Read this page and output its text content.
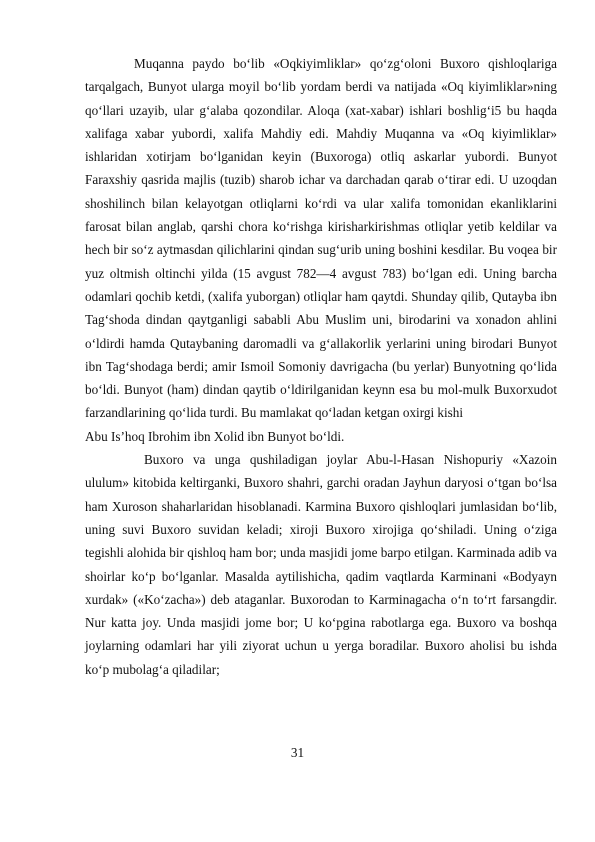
Muqanna paydo bo‘lib «Oqkiyimliklar» qo‘zg‘oloni Buxoro qishloqlariga tarqalgach, Bunyot ularga moyil bo‘lib yordam berdi va natijada «Oq kiyimliklar»ning qo‘llari uzayib, ular g‘alaba qozondilar. Aloqa (xat-xabar) ishlari boshlig‘i5 bu haqda xalifaga xabar yubordi, xalifa Mahdiy edi. Mahdiy Muqanna va «Oq kiyimliklar» ishlaridan xotirjam bo‘lganidan keyin (Buxoroga) otliq askarlar yubordi. Bunyot Faraxshiy qasrida majlis (tuzib) sharob ichar va darchadan qarab o‘tirar edi. U uzoqdan shoshilinch bilan kelayotgan otliqlarni ko‘rdi va ular xalifa tomonidan ekanliklarini farosat bilan anglab, qarshi chora ko‘rishga kirisharkirishmas otliqlar yetib keldilar va hech bir so‘z aytmasdan qilichlarini qindan sug‘urib uning boshini kesdilar. Bu voqea bir yuz oltmish oltinchi yilda (15 avgust 782—4 avgust 783) bo‘lgan edi. Uning barcha odamlari qochib ketdi, (xalifa yuborgan) otliqlar ham qaytdi. Shunday qilib, Qutayba ibn Tag‘shoda dindan qaytganligi sababli Abu Muslim uni, birodarini va xonadon ahlini o‘ldirdi hamda Qutaybaning daromadli va g‘allakorlik yerlarini uning birodari Bunyot ibn Tag‘shodaga berdi; amir Ismoil Somoniy davrigacha (bu yerlar) Bunyotning qo‘lida bo‘ldi. Bunyot (ham) dindan qaytib o‘ldirilganidan keynn esa bu mol-mulk Buxorxudot farzandlarining qo‘lida turdi. Bu mamlakat qo‘ladan ketgan oxirgi kishi

Abu Is’hoq Ibrohim ibn Xolid ibn Bunyot bo‘ldi.

Buxoro va unga qushiladigan joylar Abu-l-Hasan Nishopuriy «Xazoin ululum» kitobida keltirganki, Buxoro shahri, garchi oradan Jayhun daryosi o‘tgan bo‘lsa ham Xuroson shaharlaridan hisoblanadi. Karmina Buxoro qishloqlari jumlasidan bo‘lib, uning suvi Buxoro suvidan keladi; xiroji Buxoro xirojiga qo‘shiladi. Uning o‘ziga tegishli alohida bir qishloq ham bor; unda masjidi jome barpo etilgan. Karminada adib va shoirlar ko‘p bo‘lganlar. Masalda aytilishicha, qadim vaqtlarda Karminani «Bodyayn xurdak» («Ko‘zacha») deb ataganlar. Buxorodan to Karminagacha o‘n to‘rt farsangdir. Nur katta joy. Unda masjidi jome bor; U ko‘pgina rabotlarga ega. Buxoro va boshqa joylarning odamlari har yili ziyorat uchun u yerga boradilar. Buxoro aholisi bu ishda ko‘p mubolag‘a qiladilar;

31
